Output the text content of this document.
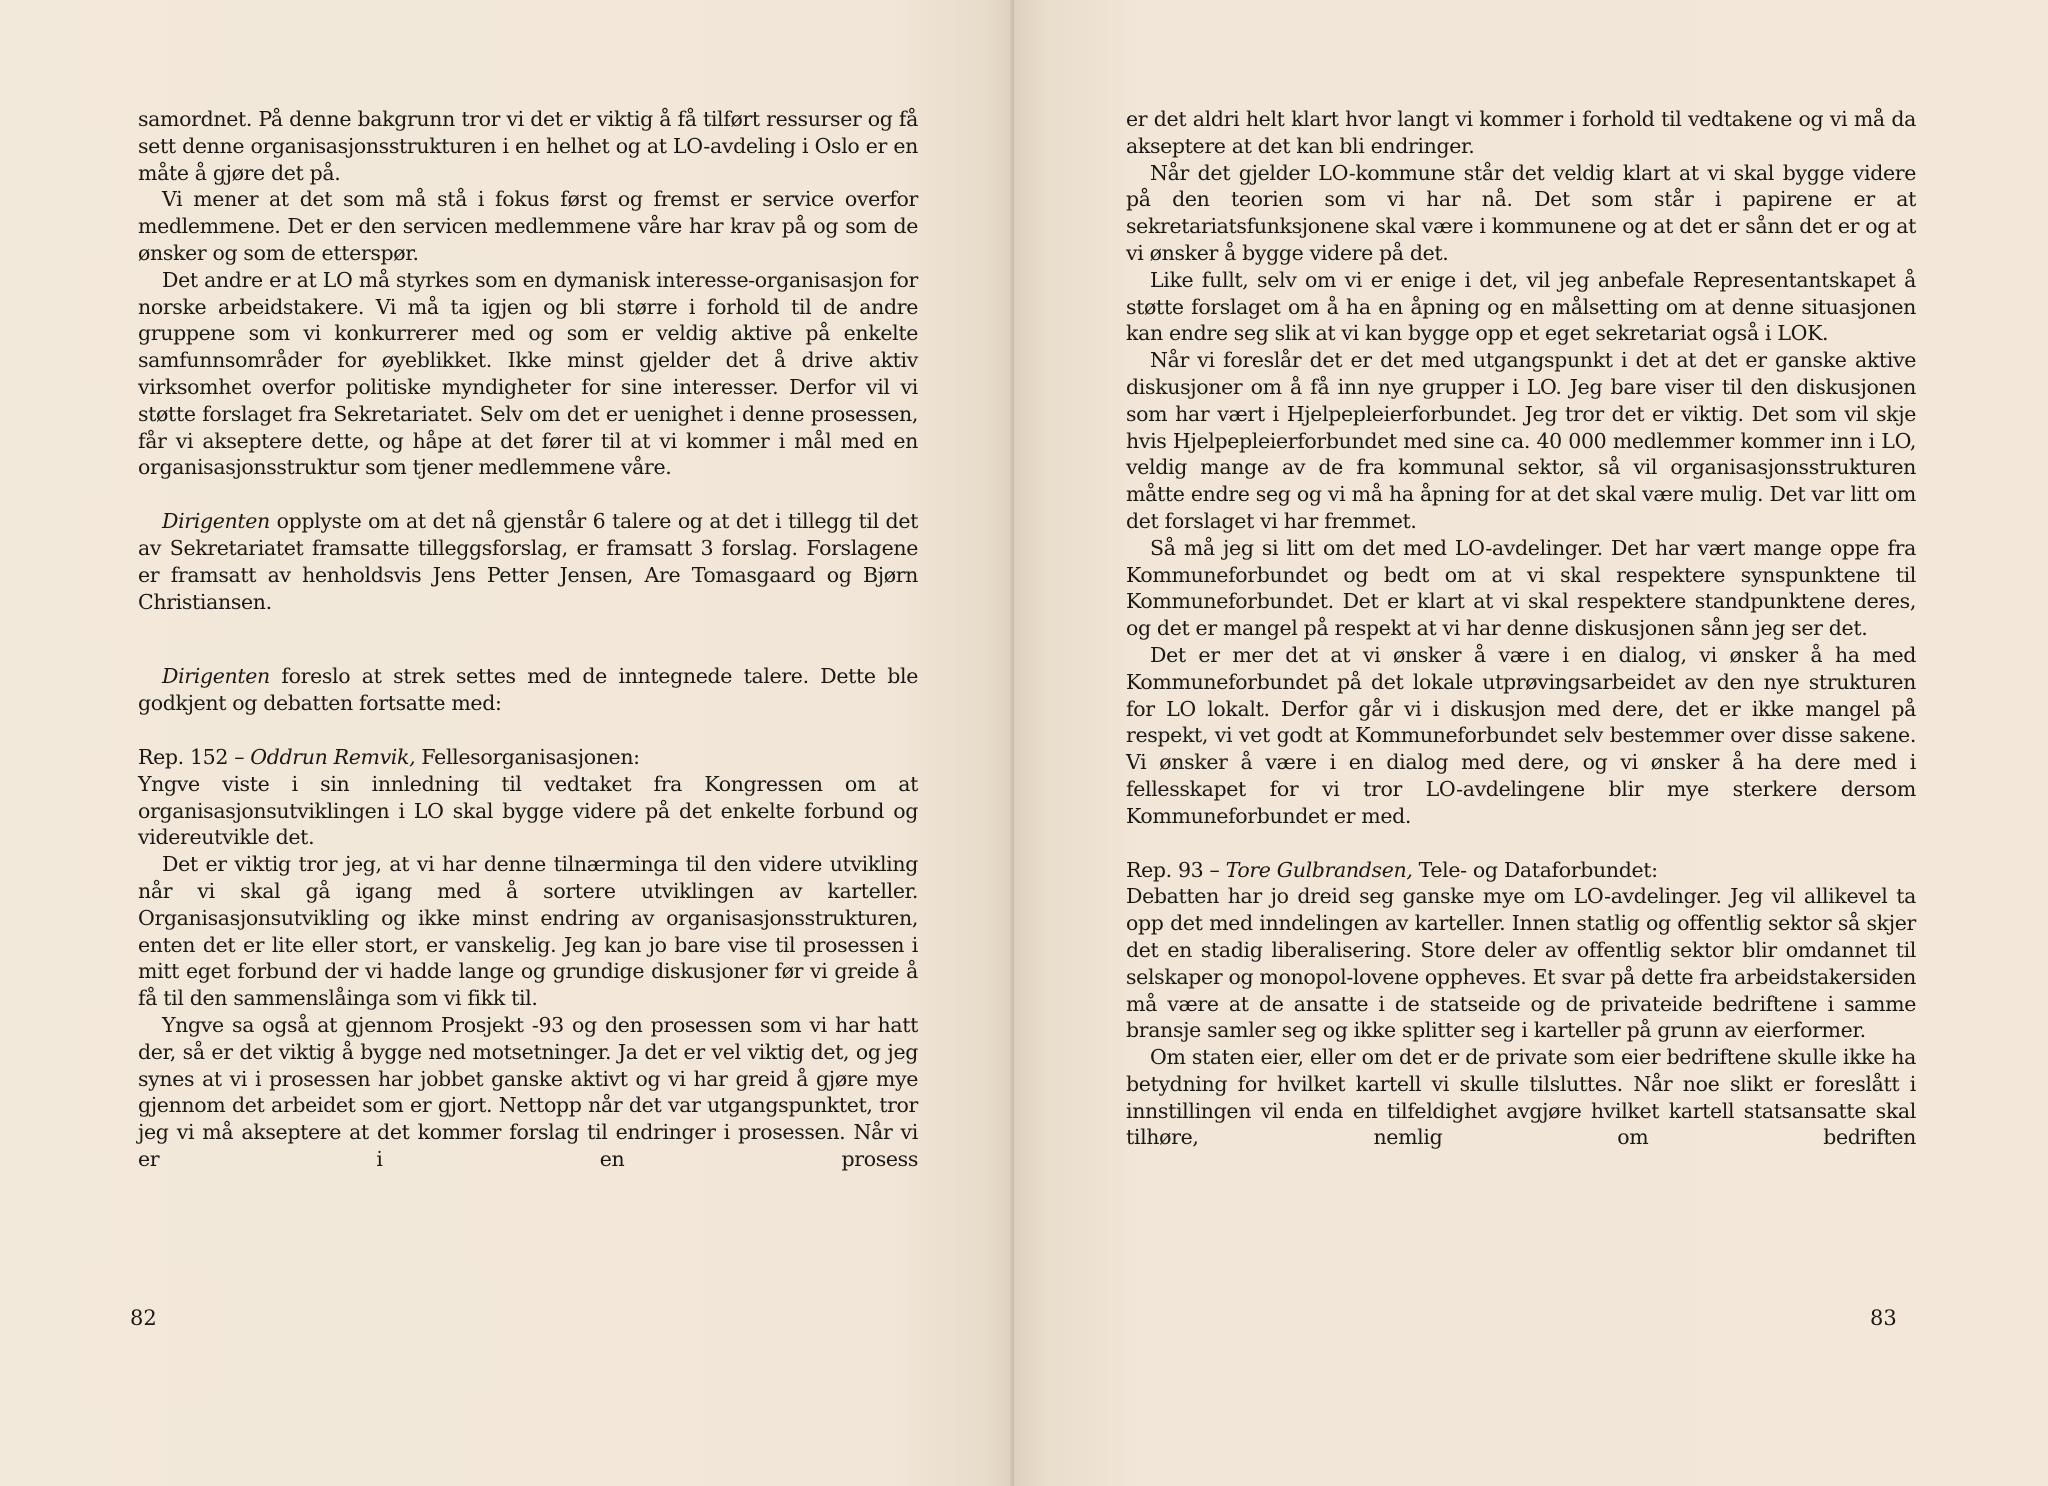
samordnet. På denne bakgrunn tror vi det er viktig å få tilført ressurser og få sett denne organisasjonsstrukturen i en helhet og at LO-avdeling i Oslo er en måte å gjøre det på.

Vi mener at det som må stå i fokus først og fremst er service overfor medlemmene. Det er den servicen medlemmene våre har krav på og som de ønsker og som de etterspør.

Det andre er at LO må styrkes som en dymanisk interesse-organisasjon for norske arbeidstakere. Vi må ta igjen og bli større i forhold til de andre gruppene som vi konkurrerer med og som er veldig aktive på enkelte samfunnsområder for øyeblikket. Ikke minst gjelder det å drive aktiv virksomhet overfor politiske myndigheter for sine interesser. Derfor vil vi støtte forslaget fra Sekretariatet. Selv om det er uenighet i denne prosessen, får vi akseptere dette, og håpe at det fører til at vi kommer i mål med en organisasjonsstruktur som tjener medlemmene våre.

Dirigenten opplyste om at det nå gjenstår 6 talere og at det i tillegg til det av Sekretariatet framsatte tilleggsforslag, er framsatt 3 forslag. Forslagene er framsatt av henholdsvis Jens Petter Jensen, Are Tomasgaard og Bjørn Christiansen.

Dirigenten foreslo at strek settes med de inntegnede talere. Dette ble godkjent og debatten fortsatte med:

Rep. 152 – Oddrun Remvik, Fellesorganisasjonen:

Yngve viste i sin innledning til vedtaket fra Kongressen om at organisasjonsutviklingen i LO skal bygge videre på det enkelte forbund og videreutvikle det.

Det er viktig tror jeg, at vi har denne tilnærminga til den videre utvikling når vi skal gå igang med å sortere utviklingen av karteller. Organisasjonsutvikling og ikke minst endring av organisasjonsstrukturen, enten det er lite eller stort, er vanskelig. Jeg kan jo bare vise til prosessen i mitt eget forbund der vi hadde lange og grundige diskusjoner før vi greide å få til den sammenslåinga som vi fikk til.

Yngve sa også at gjennom Prosjekt -93 og den prosessen som vi har hatt der, så er det viktig å bygge ned motsetninger. Ja det er vel viktig det, og jeg synes at vi i prosessen har jobbet ganske aktivt og vi har greid å gjøre mye gjennom det arbeidet som er gjort. Nettopp når det var utgangspunktet, tror jeg vi må akseptere at det kommer forslag til endringer i prosessen. Når vi er i en prosess

82

er det aldri helt klart hvor langt vi kommer i forhold til vedtakene og vi må da akseptere at det kan bli endringer.

Når det gjelder LO-kommune står det veldig klart at vi skal bygge videre på den teorien som vi har nå. Det som står i papirene er at sekretariatsfunksjonene skal være i kommunene og at det er sånn det er og at vi ønsker å bygge videre på det.

Like fullt, selv om vi er enige i det, vil jeg anbefale Representantskapet å støtte forslaget om å ha en åpning og en målsetting om at denne situasjonen kan endre seg slik at vi kan bygge opp et eget sekretariat også i LOK.

Når vi foreslår det er det med utgangspunkt i det at det er ganske aktive diskusjoner om å få inn nye grupper i LO. Jeg bare viser til den diskusjonen som har vært i Hjelpepleierforbundet. Jeg tror det er viktig. Det som vil skje hvis Hjelpepleierforbundet med sine ca. 40 000 medlemmer kommer inn i LO, veldig mange av de fra kommunal sektor, så vil organisasjonsstrukturen måtte endre seg og vi må ha åpning for at det skal være mulig. Det var litt om det forslaget vi har fremmet.

Så må jeg si litt om det med LO-avdelinger. Det har vært mange oppe fra Kommuneforbundet og bedt om at vi skal respektere synspunktene til Kommuneforbundet. Det er klart at vi skal respektere standpunktene deres, og det er mangel på respekt at vi har denne diskusjonen sånn jeg ser det.

Det er mer det at vi ønsker å være i en dialog, vi ønsker å ha med Kommuneforbundet på det lokale utprøvingsarbeidet av den nye strukturen for LO lokalt. Derfor går vi i diskusjon med dere, det er ikke mangel på respekt, vi vet godt at Kommuneforbundet selv bestemmer over disse sakene. Vi ønsker å være i en dialog med dere, og vi ønsker å ha dere med i fellesskapet for vi tror LO-avdelingene blir mye sterkere dersom Kommuneforbundet er med.

Rep. 93 – Tore Gulbrandsen, Tele- og Dataforbundet:

Debatten har jo dreid seg ganske mye om LO-avdelinger. Jeg vil allikevel ta opp det med inndelingen av karteller. Innen statlig og offentlig sektor så skjer det en stadig liberalisering. Store deler av offentlig sektor blir omdannet til selskaper og monopol-lovene oppheves. Et svar på dette fra arbeidstakersiden må være at de ansatte i de statseide og de privateide bedriftene i samme bransje samler seg og ikke splitter seg i karteller på grunn av eierformer.

Om staten eier, eller om det er de private som eier bedriftene skulle ikke ha betydning for hvilket kartell vi skulle tilsluttes. Når noe slikt er foreslått i innstillingen vil enda en tilfeldighet avgjøre hvilket kartell statsansatte skal tilhøre, nemlig om bedriften

83
